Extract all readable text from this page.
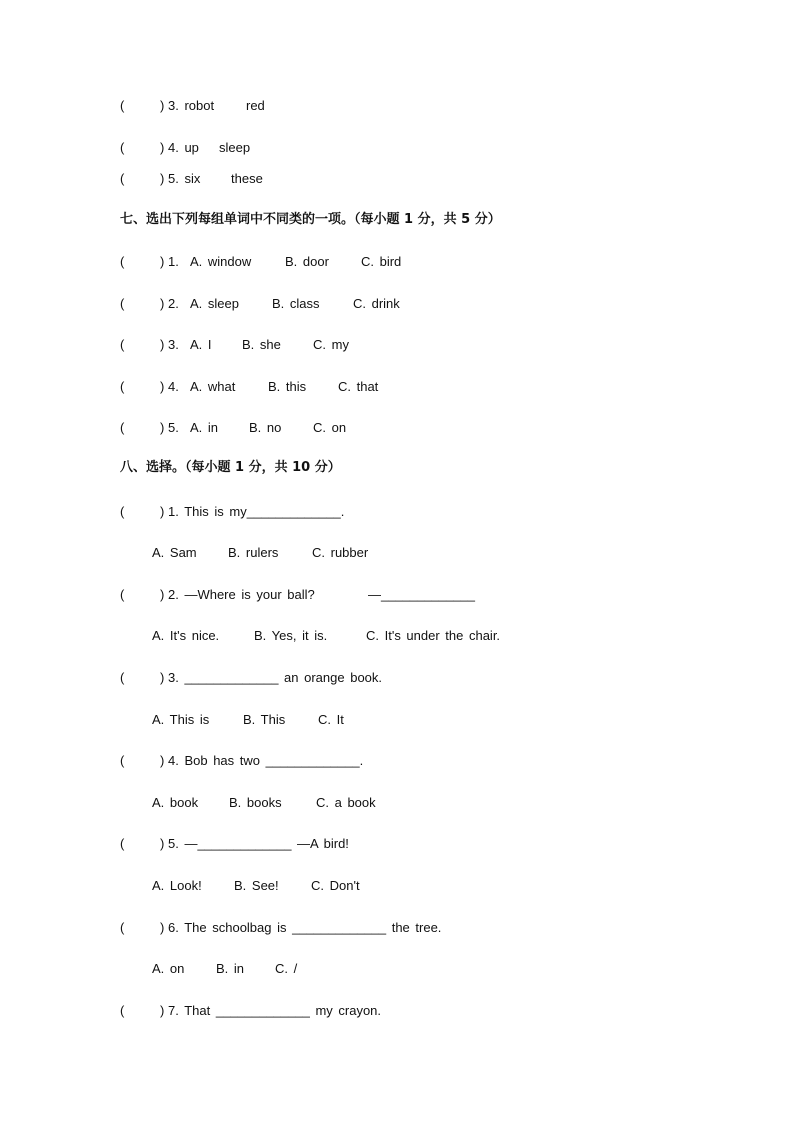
(	) 3. robot red
(	) 4. up sleep
(	) 5. six these
七、选出下列每组单词中不同类的一项。（每小题 1 分，共 5 分）
(	) 1. A. window	B. door C. bird
(	) 2. A. sleep	B. class	C. drink
(	) 3. A. I B. she C. my
(	) 4. A. what	B. this C. that
(	) 5. A. in B. no C. on
八、选择。（每小题 1 分，共 10 分）
(	) 1. This is my_____________.
A. Sam B. rulers	C. rubber
(	) 2. —Where is your ball?	—_____________
A. It's nice.	B. Yes, it is.	C. It's under the chair.
(	) 3. _____________ an orange book.
A. This is	B. This	C. It
(	) 4. Bob has two _____________.
A. book B. books	C. a book
(	) 5. —_____________ —A bird!
A. Look! B. See! C. Don't
(	) 6. The schoolbag is _____________ the tree.
A. on B. in C. /
(	) 7. That _____________ my crayon.
